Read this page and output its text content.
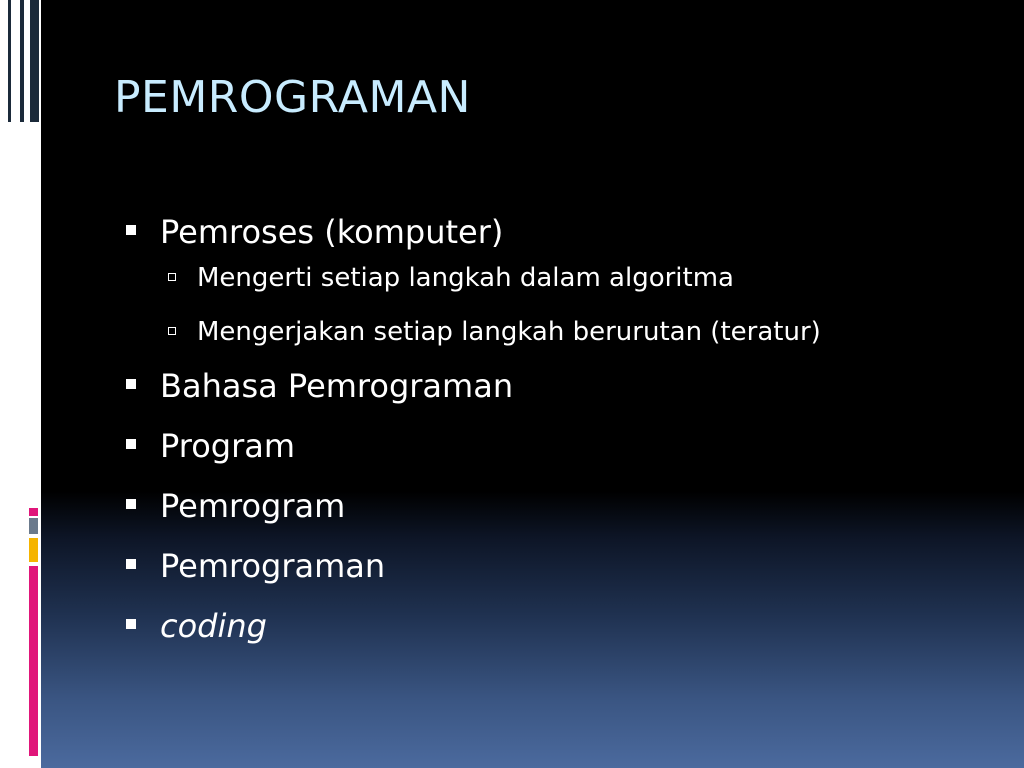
PEMROGRAMAN
Pemroses (komputer)
Mengerti setiap langkah dalam algoritma
Mengerjakan setiap langkah berurutan (teratur)
Bahasa Pemrograman
Program
Pemrogram
Pemrograman
coding
